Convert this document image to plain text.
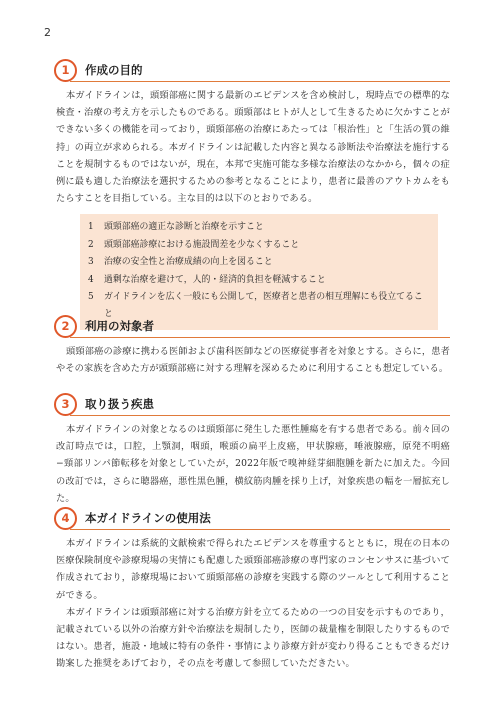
2
1	作成の目的

本ガイドラインは，頭頸部癌に関する最新のエビデンスを含め検討し，現時点での標準的な検査・治療の考え方を示したものである。頭頸部はヒトが人として生きるために欠かすことができない多くの機能を司っており，頭頸部癌の治療にあたっては「根治性」と「生活の質の維持」の両立が求められる。本ガイドラインは記載した内容と異なる診断法や治療法を施行することを規制するものではないが，現在，本邦で実施可能な多様な治療法のなかから，個々の症例に最も適した治療法を選択するための参考となることにより，患者に最善のアウトカムをもたらすことを目指している。主な目的は以下のとおりである。

1	頭頸部癌の適正な診断と治療を示すこと
2	頭頸部癌診療における施設間差を少なくすること
3	治療の安全性と治療成績の向上を図ること
4	過剰な治療を避けて，人的・経済的負担を軽減すること
5	ガイドラインを広く一般にも公開して，医療者と患者の相互理解にも役立てること
2	利用の対象者

頭頸部癌の診療に携わる医師および歯科医師などの医療従事者を対象とする。さらに，患者やその家族を含めた方が頭頸部癌に対する理解を深めるために利用することも想定している。

3	取り扱う疾患

本ガイドラインの対象となるのは頭頸部に発生した悪性腫瘍を有する患者である。前々回の改訂時点では，口腔，上顎洞，咽頭，喉頭の扁平上皮癌，甲状腺癌，唾液腺癌，原発不明癌−頸部リンパ節転移を対象としていたが，2022年版で嗅神経芽細胞腫を新たに加えた。今回の改訂では，さらに聴器癌，悪性黒色腫，横紋筋肉腫を採り上げ，対象疾患の幅を一層拡充した。

4	本ガイドラインの使用法

本ガイドラインは系統的文献検索で得られたエビデンスを尊重するとともに，現在の日本の医療保険制度や診療現場の実情にも配慮した頭頸部癌診療の専門家のコンセンサスに基づいて作成されており，診療現場において頭頸部癌の診療を実践する際のツールとして利用することができる。

本ガイドラインは頭頸部癌に対する治療方針を立てるための一つの目安を示すものであり，記載されている以外の治療方針や治療法を規制したり，医師の裁量権を制限したりするものではない。患者，施設・地域に特有の条件・事情により診療方針が変わり得ることもできるだけ勘案した推奨をあげており，その点を考慮して参照していただきたい。
